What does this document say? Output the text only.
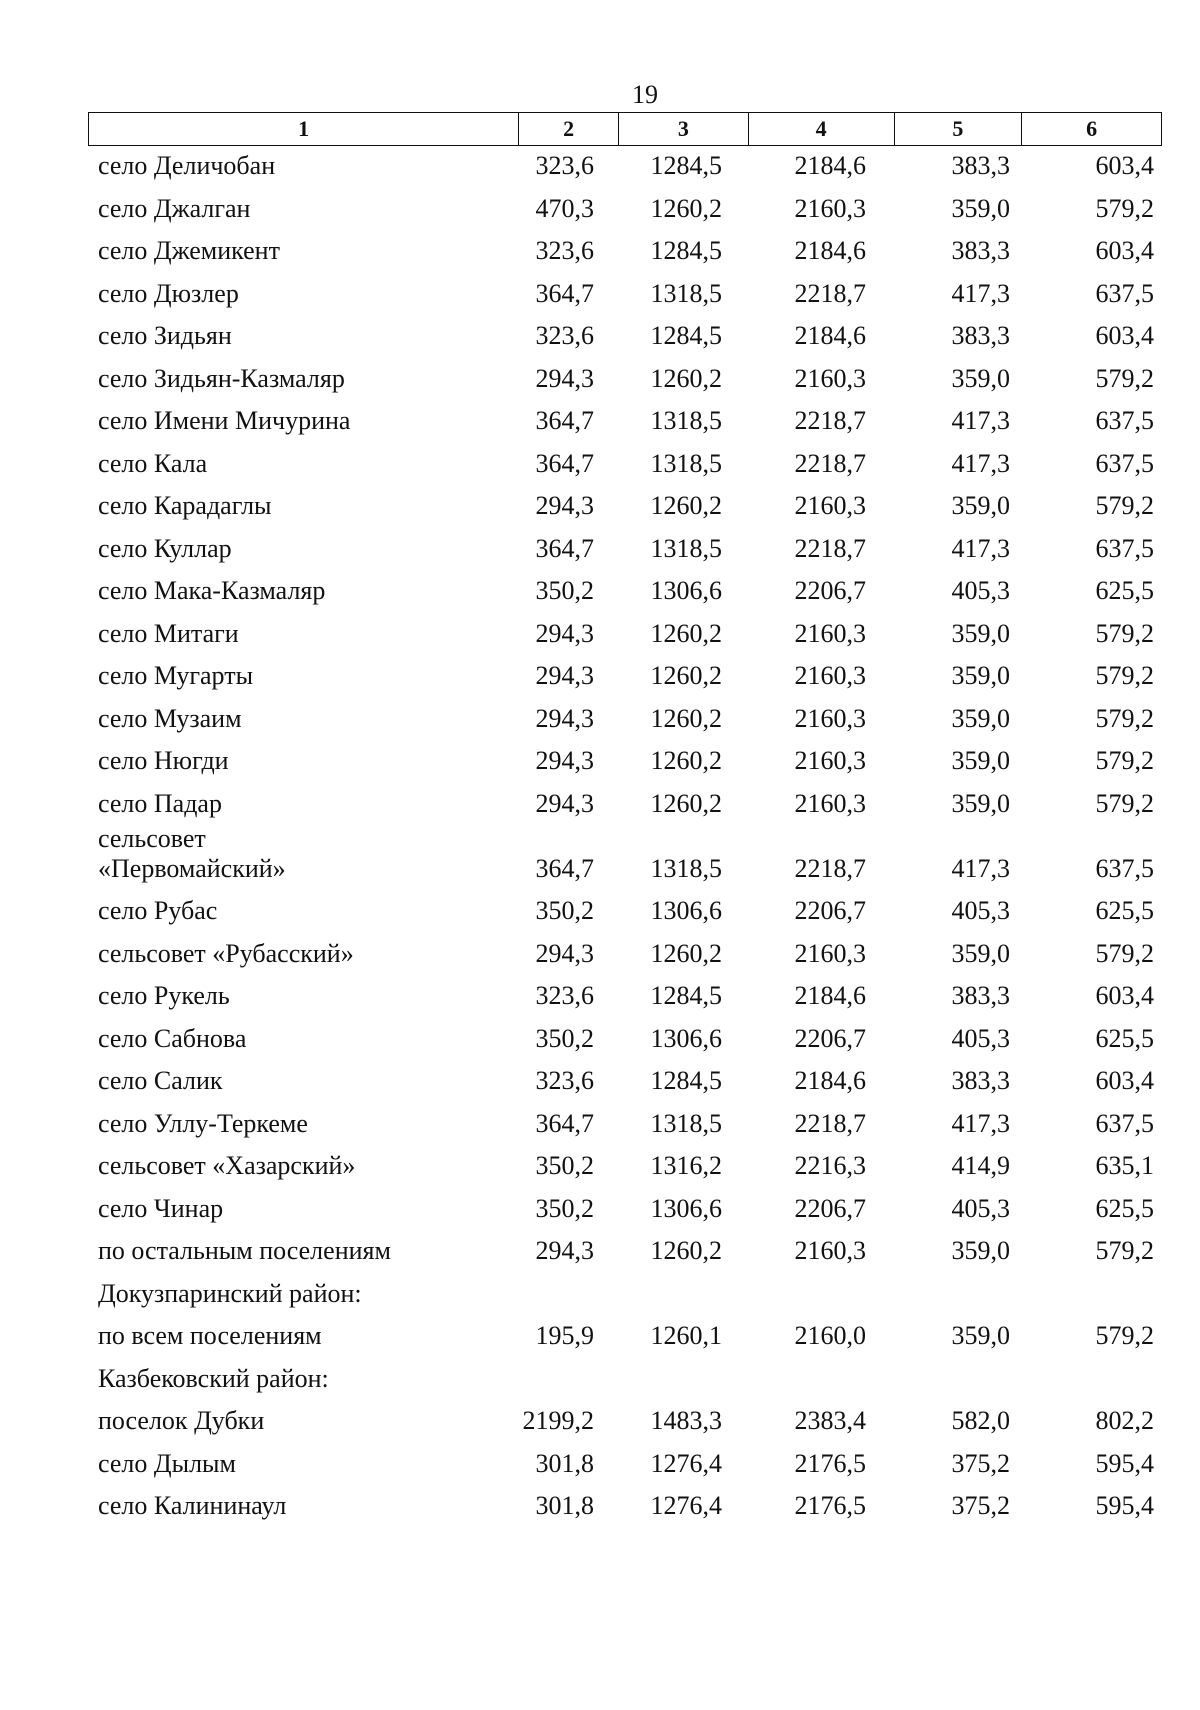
19
1	2	3	4	5	6
село Деличобан	323,6 1284,5	2184,6	383,3	603,4
село Джалган	470,3 1260,2	2160,3	359,0	579,2
село Джемикент	323,6 1284,5	2184,6	383,3	603,4
село Дюзлер	364,7 1318,5	2218,7	417,3	637,5
село Зидьян	323,6 1284,5	2184,6	383,3	603,4
село Зидьян-Казмаляр	294,3 1260,2	2160,3	359,0	579,2
село Имени Мичурина	364,7 1318,5	2218,7	417,3	637,5
село Кала	364,7 1318,5	2218,7	417,3	637,5
село Карадаглы	294,3 1260,2	2160,3	359,0	579,2
село Куллар	364,7 1318,5	2218,7	417,3	637,5
село Мака-Казмаляр	350,2 1306,6	2206,7	405,3	625,5
село Митаги	294,3 1260,2	2160,3	359,0	579,2
село Мугарты	294,3 1260,2	2160,3	359,0	579,2
село Музаим	294,3 1260,2	2160,3	359,0	579,2
село Нюгди	294,3 1260,2	2160,3	359,0	579,2
село Падар	294,3 1260,2	2160,3	359,0	579,2
сельсовет
«Первомайский»	364,7 1318,5	2218,7	417,3	637,5
село Рубас	350,2 1306,6	2206,7	405,3	625,5
сельсовет «Рубасский»	294,3 1260,2	2160,3	359,0	579,2
село Рукель	323,6 1284,5	2184,6	383,3	603,4
село Сабнова	350,2 1306,6	2206,7	405,3	625,5
село Салик	323,6 1284,5	2184,6	383,3	603,4
село Уллу-Теркеме	364,7 1318,5	2218,7	417,3	637,5
сельсовет «Хазарский»	350,2 1316,2	2216,3	414,9	635,1
село Чинар	350,2 1306,6	2206,7	405,3	625,5
по остальным поселениям	294,3 1260,2	2160,3	359,0	579,2
Докузпаринский район:
по всем поселениям	195,9 1260,1	2160,0	359,0	579,2
Казбековский район:
поселок Дубки	2199,2 1483,3	2383,4	582,0	802,2
село Дылым	301,8 1276,4	2176,5	375,2	595,4
село Калининаул	301,8 1276,4	2176,5	375,2	595,4
